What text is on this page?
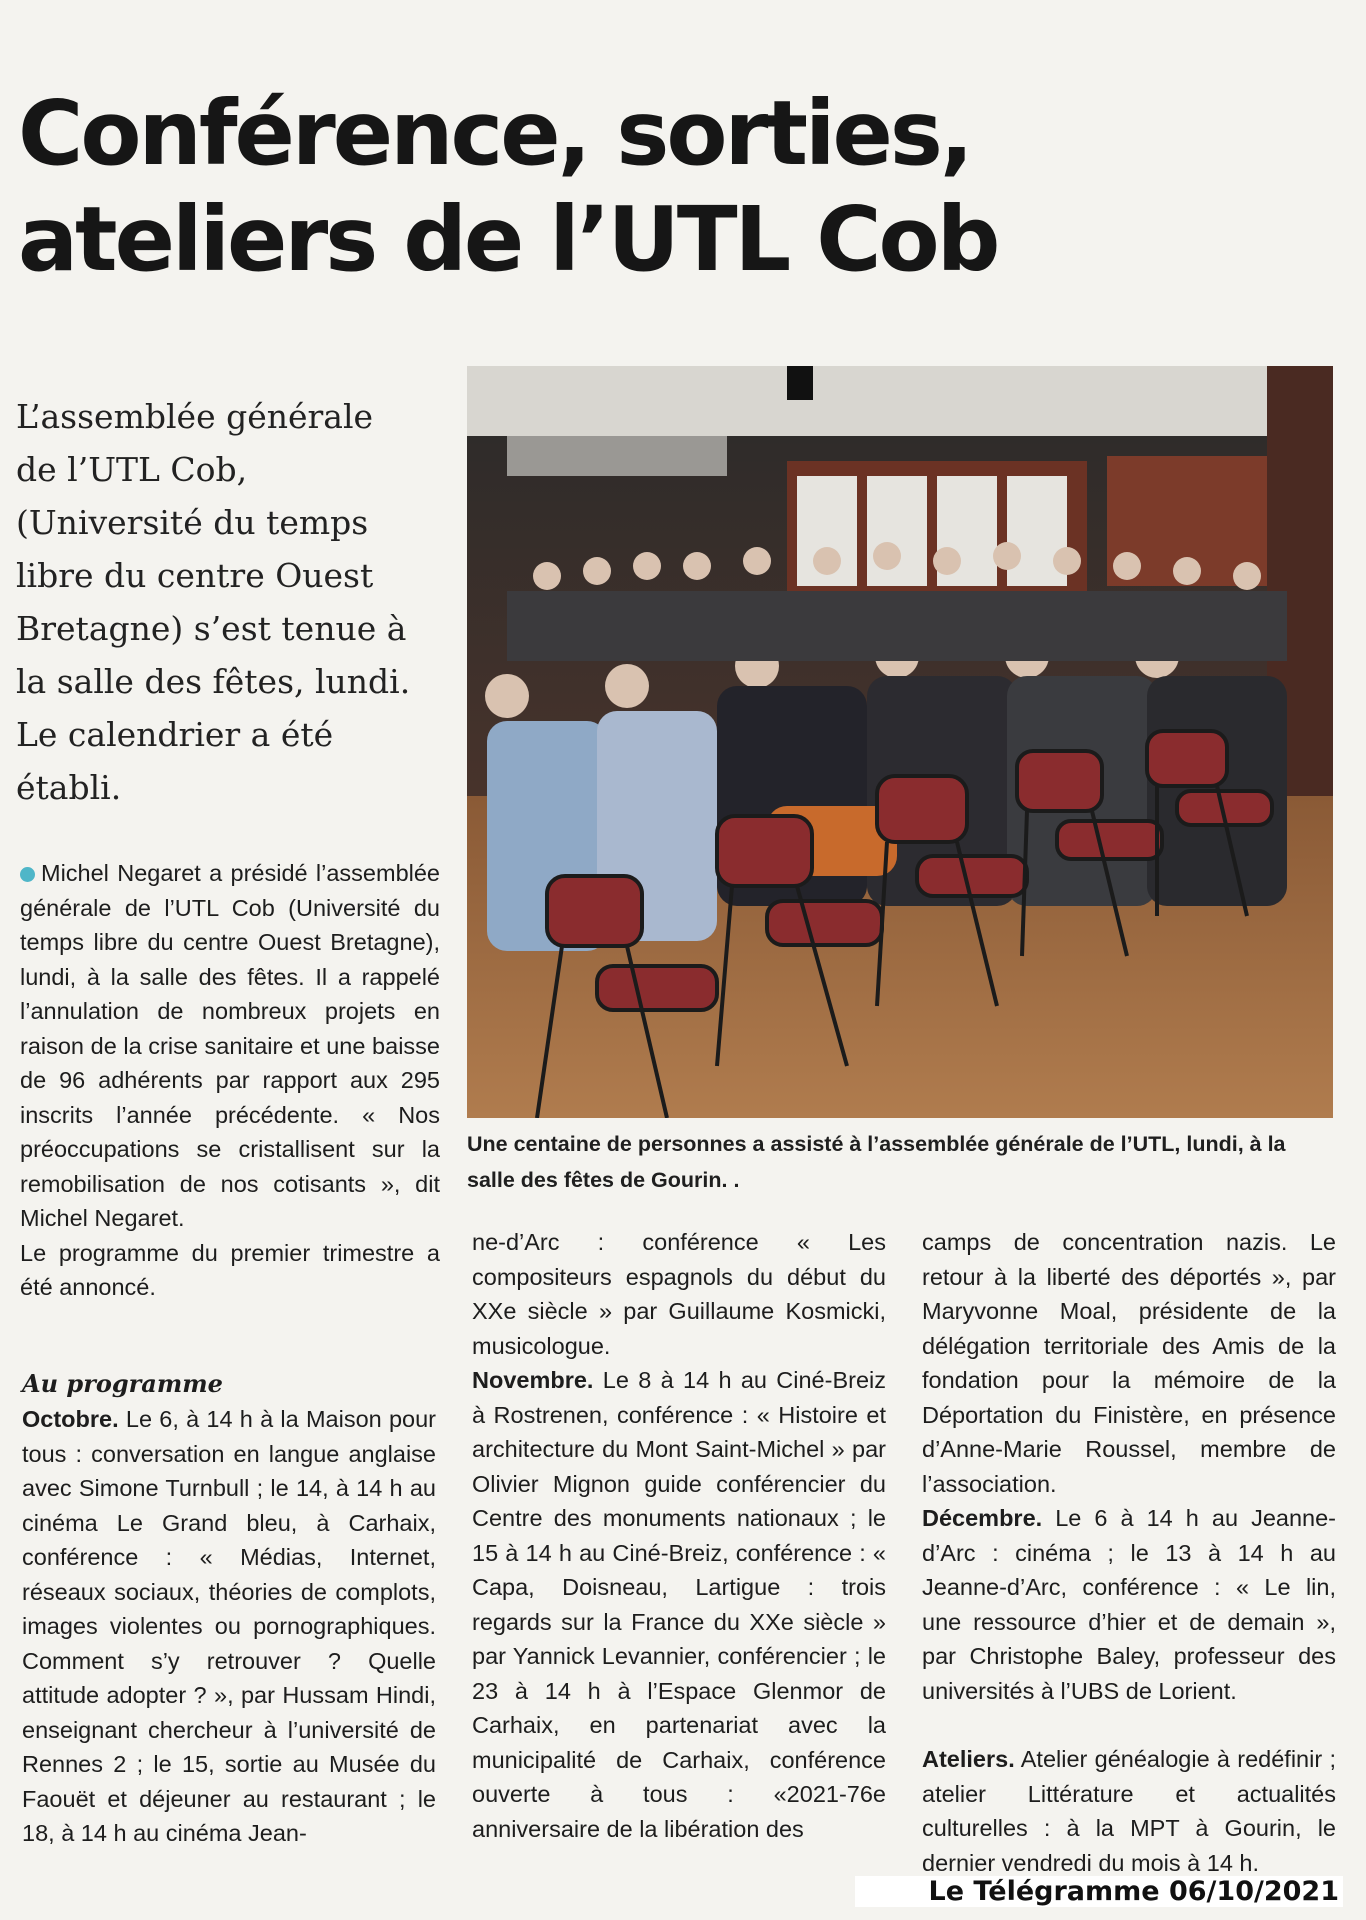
Conférence, sorties,
ateliers de l’UTL Cob
L’assemblée générale
de l’UTL Cob,
(Université du temps
libre du centre Ouest
Bretagne) s’est tenue à
la salle des fêtes, lundi.
Le calendrier a été
établi.

Michel Negaret a présidé l’assemblée générale de l’UTL Cob (Université du temps libre du centre Ouest Bretagne), lundi, à la salle des fêtes. Il a rappelé l’annulation de nombreux projets en raison de la crise sanitaire et une baisse de 96 adhérents par rapport aux 295 inscrits l’année précédente. « Nos préoccupations se cristallisent sur la remobilisation de nos cotisants », dit Michel Negaret.

Le programme du premier trimestre a été annoncé.

Au programme

Octobre. Le 6, à 14 h à la Maison pour tous : conversation en langue anglaise avec Simone Turnbull ; le 14, à 14 h au cinéma Le Grand bleu, à Carhaix, conférence : « Médias, Internet, réseaux sociaux, théories de complots, images violentes ou pornographiques. Comment s’y retrouver ? Quelle attitude adopter ? », par Hussam Hindi, enseignant chercheur à l’université de Rennes 2 ; le 15, sortie au Musée du Faouët et déjeuner au restaurant ; le 18, à 14 h au cinéma Jean-

Une centaine de personnes a assisté à l’assemblée générale de l’UTL, lundi, à la salle des fêtes de Gourin. .

ne-d’Arc : conférence « Les compositeurs espagnols du début du XXe siècle » par Guillaume Kosmicki, musicologue.

Novembre. Le 8 à 14 h au Ciné-Breiz à Rostrenen, conférence : « Histoire et architecture du Mont Saint-Michel » par Olivier Mignon guide conférencier du Centre des monuments nationaux ; le 15 à 14 h au Ciné-Breiz, conférence : « Capa, Doisneau, Lartigue : trois regards sur la France du XXe siècle » par Yannick Levannier, conférencier ; le 23 à 14 h à l’Espace Glenmor de Carhaix, en partenariat avec la municipalité de Carhaix, conférence ouverte à tous : «2021-76e anniversaire de la libération des

camps de concentration nazis. Le retour à la liberté des déportés », par Maryvonne Moal, présidente de la délégation territoriale des Amis de la fondation pour la mémoire de la Déportation du Finistère, en présence d’Anne-Marie Roussel, membre de l’association.

Décembre. Le 6 à 14 h au Jeanne-d’Arc : cinéma ; le 13 à 14 h au Jeanne-d’Arc, conférence : « Le lin, une ressource d’hier et de demain », par Christophe Baley, professeur des universités à l’UBS de Lorient.

Ateliers. Atelier généalogie à redéfinir ; atelier Littérature et actualités culturelles : à la MPT à Gourin, le dernier vendredi du mois à 14 h.

Le Télégramme 06/10/2021
